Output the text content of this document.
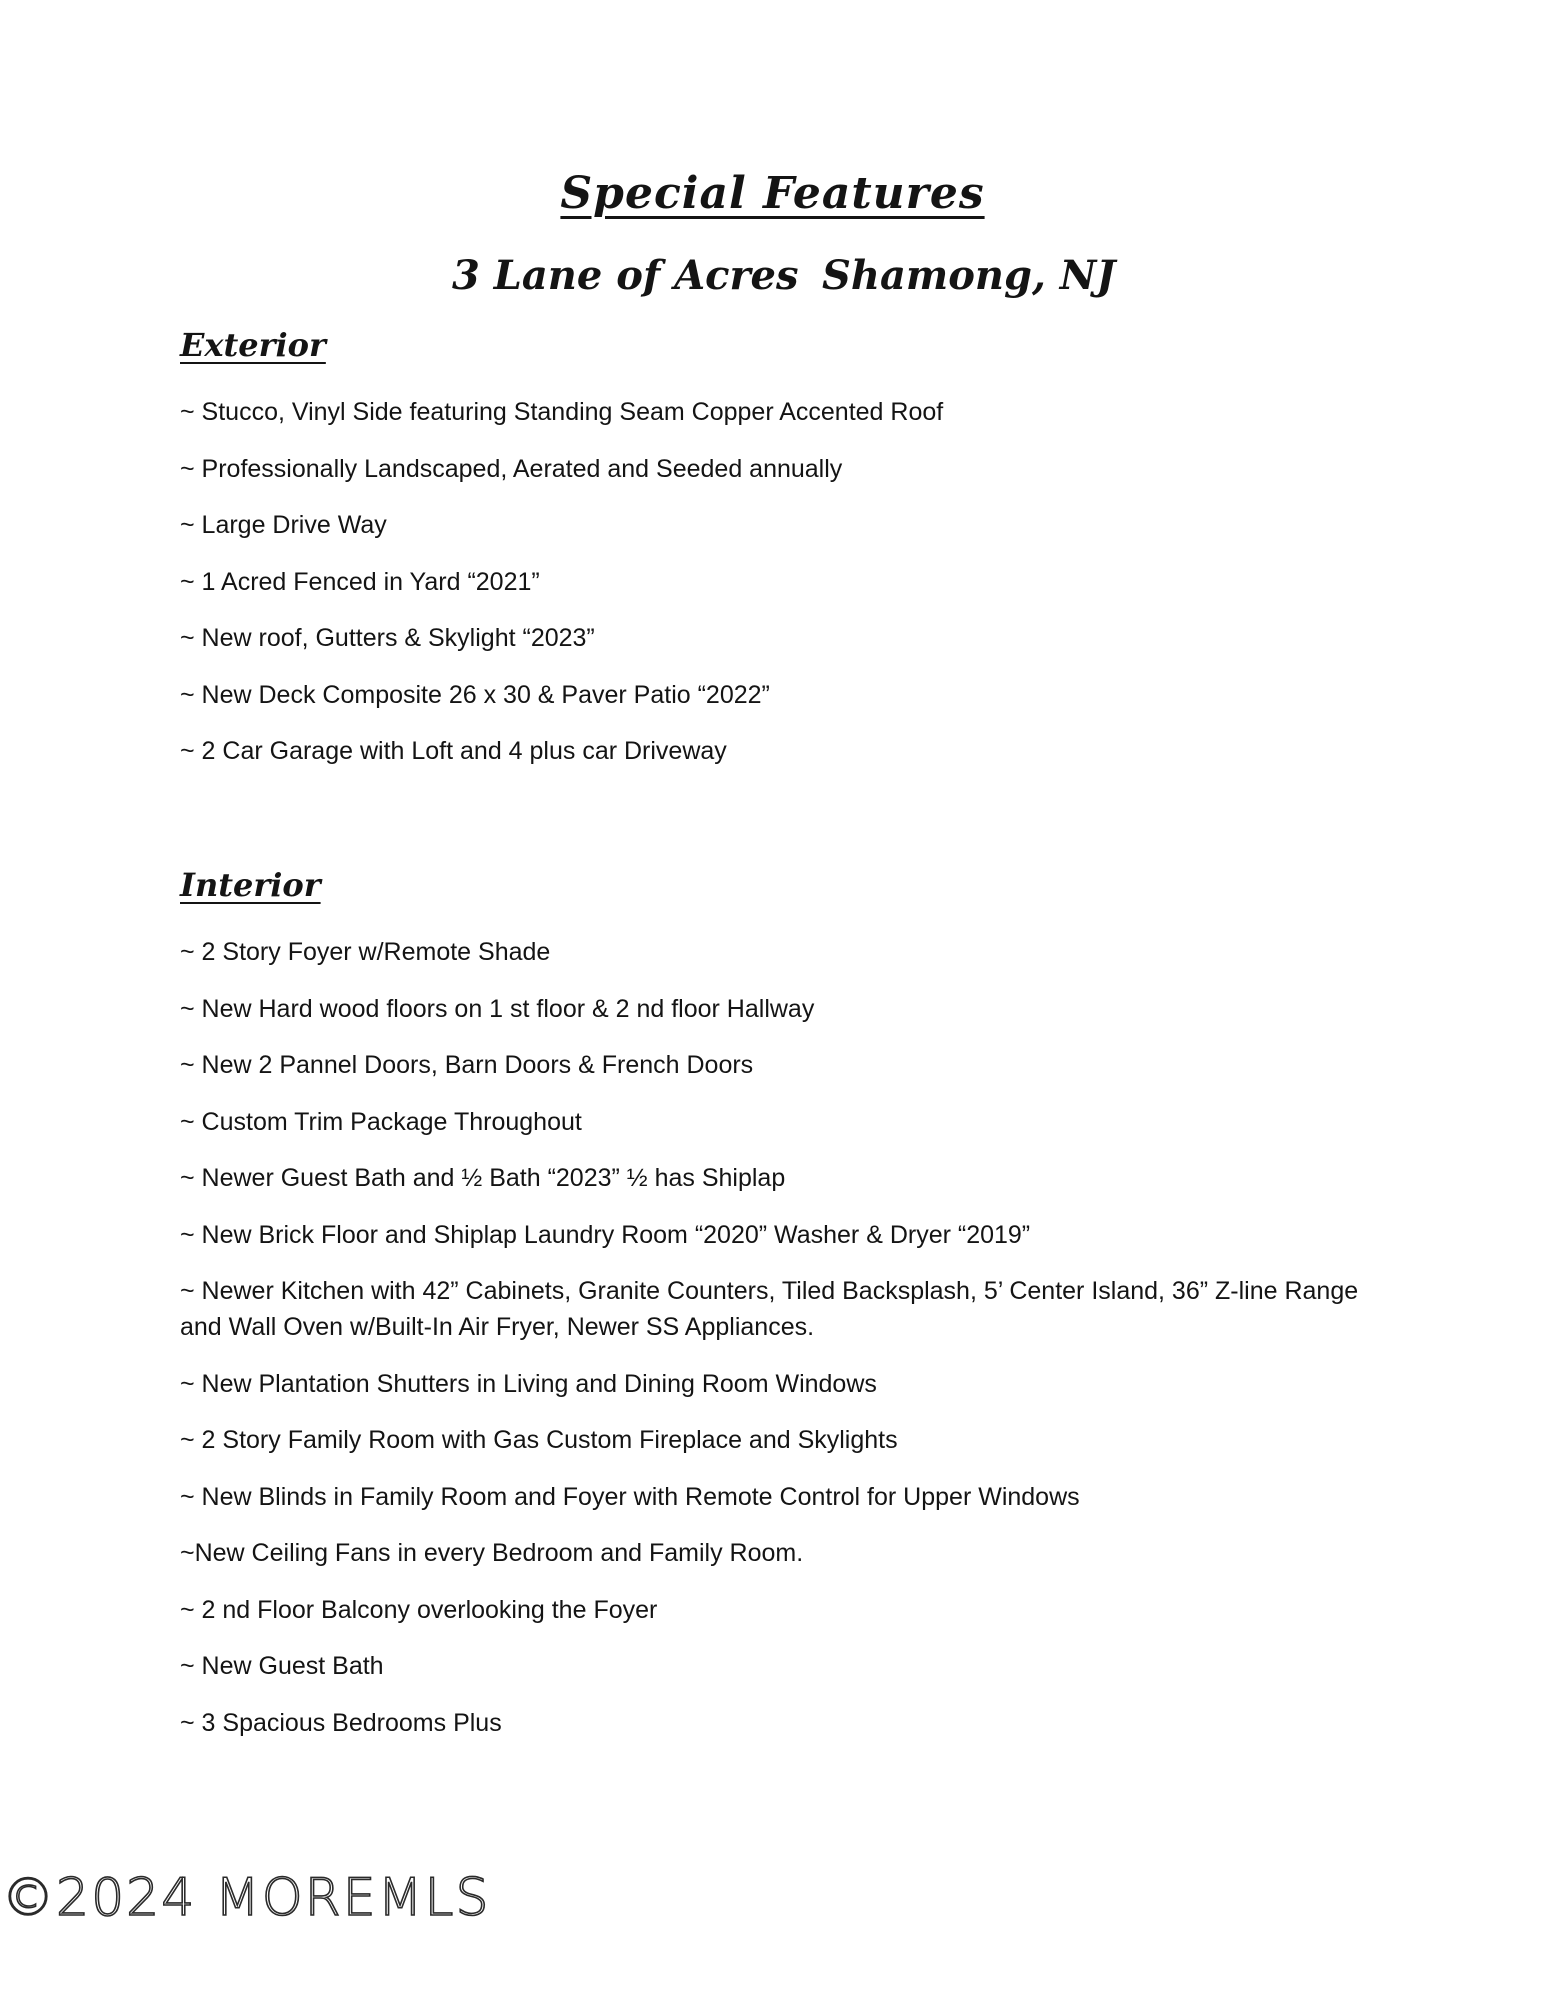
Special Features
3 Lane of Acres Shamong, NJ
Exterior
~ Stucco, Vinyl Side featuring Standing Seam Copper Accented Roof
~ Professionally Landscaped, Aerated and Seeded annually
~ Large Drive Way
~ 1 Acred Fenced in Yard “2021”
~ New roof, Gutters & Skylight “2023”
~ New Deck Composite 26 x 30 & Paver Patio “2022”
~ 2 Car Garage with Loft and 4 plus car Driveway
Interior
~ 2 Story Foyer w/Remote Shade
~ New Hard wood floors on 1 st floor & 2 nd floor Hallway
~ New 2 Pannel Doors, Barn Doors & French Doors
~ Custom Trim Package Throughout
~ Newer Guest Bath and ½ Bath “2023” ½ has Shiplap
~ New Brick Floor and Shiplap Laundry Room “2020” Washer & Dryer “2019”
~ Newer Kitchen with 42” Cabinets, Granite Counters, Tiled Backsplash, 5’ Center Island, 36” Z-line Range and Wall Oven w/Built-In Air Fryer, Newer SS Appliances.
~ New Plantation Shutters in Living and Dining Room Windows
~ 2 Story Family Room with Gas Custom Fireplace and Skylights
~ New Blinds in Family Room and Foyer with Remote Control for Upper Windows
~New Ceiling Fans in every Bedroom and Family Room.
~ 2 nd Floor Balcony overlooking the Foyer
~ New Guest Bath
~ 3 Spacious Bedrooms Plus
©2024 MOREMLS
